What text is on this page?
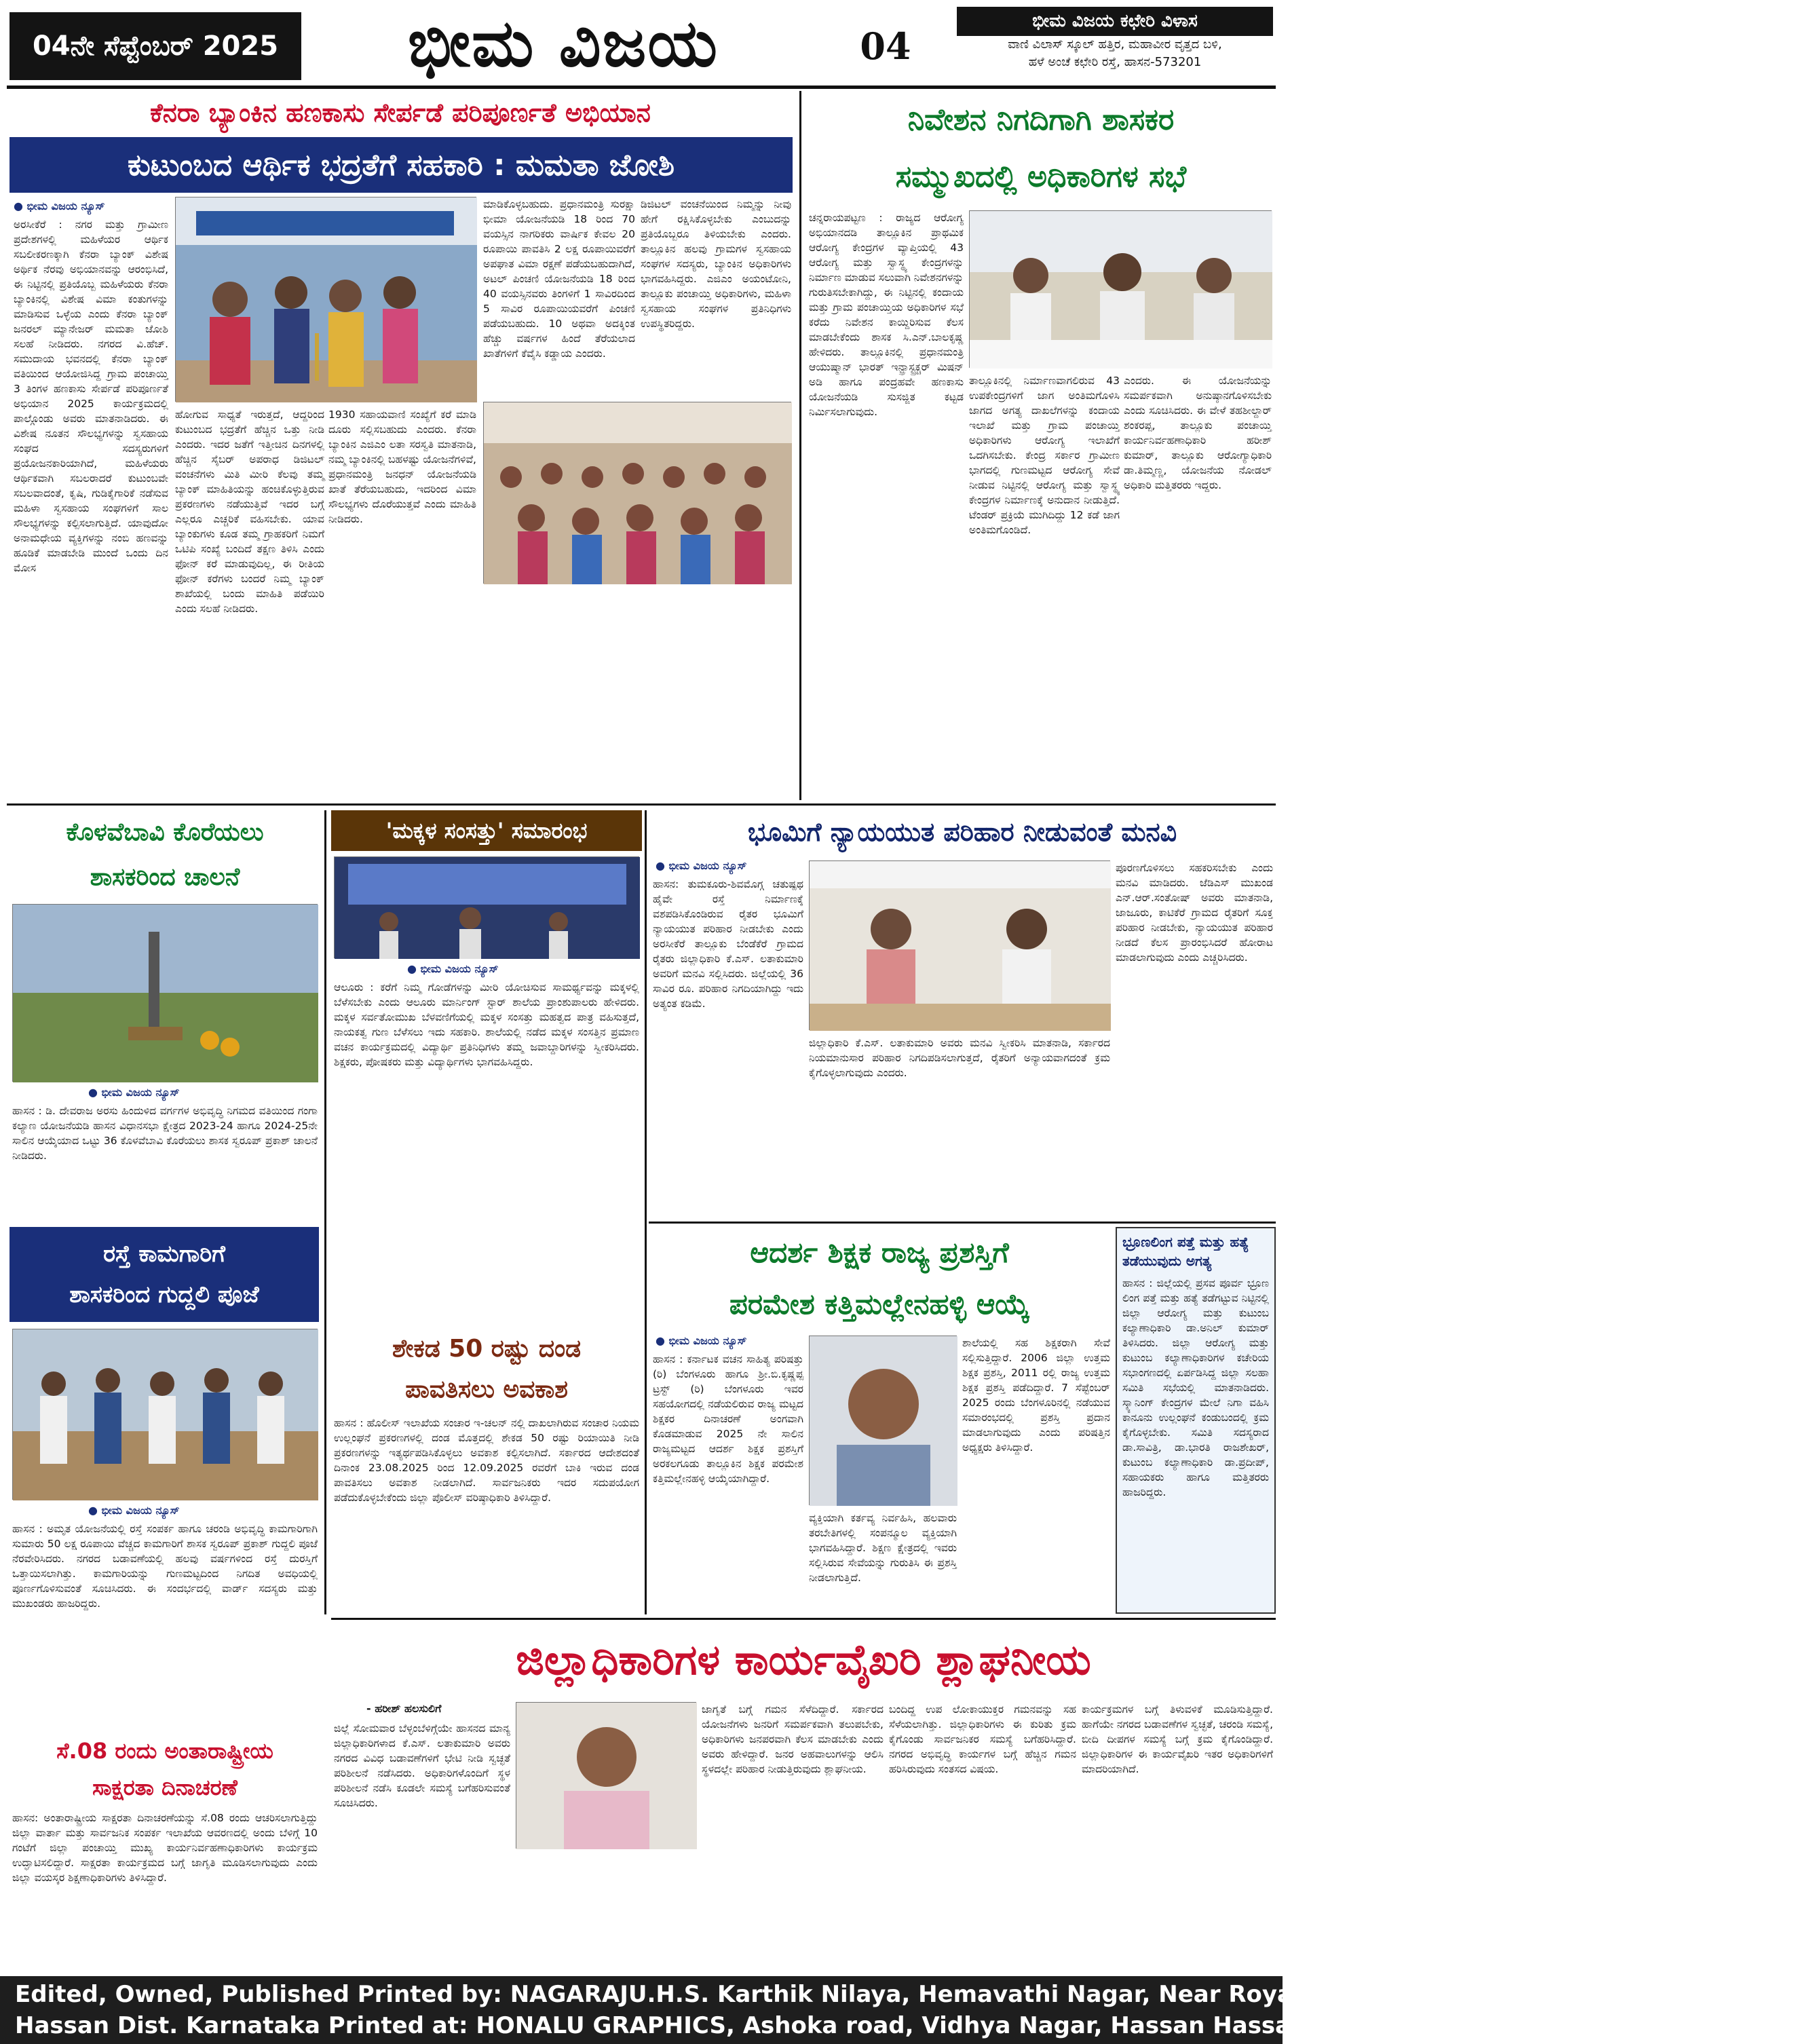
04ನೇ ಸೆಪ್ಟೆಂಬರ್ 2025	ಭೀಮ ವಿಜಯ	04
ಭೀಮ ವಿಜಯ ಕಛೇರಿ ವಿಳಾಸ
ವಾಣಿ ವಿಲಾಸ್ ಸ್ಕೂಲ್ ಹತ್ತಿರ, ಮಹಾವೀರ ವೃತ್ತದ ಬಳಿ,
ಹಳೆ ಅಂಚೆ ಕಛೇರಿ ರಸ್ತೆ, ಹಾಸನ-573201
ಕೆನರಾ ಬ್ಯಾಂಕಿನ ಹಣಕಾಸು ಸೇರ್ಪಡೆ ಪರಿಪೂರ್ಣತೆ ಅಭಿಯಾನ
ಕುಟುಂಬದ ಆರ್ಥಿಕ ಭದ್ರತೆಗೆ ಸಹಕಾರಿ : ಮಮತಾ ಜೋಶಿ
● ಭೀಮ ವಿಜಯ ನ್ಯೂಸ್
ಅರಸೀಕೆರೆ : ನಗರ ಮತ್ತು ಗ್ರಾಮೀಣ ಪ್ರದೇಶಗಳಲ್ಲಿ ಮಹಿಳೆಯರ ಆರ್ಥಿಕ ಸಬಲೀಕರಣಕ್ಕಾಗಿ ಕೆನರಾ ಬ್ಯಾಂಕ್ ವಿಶೇಷ ಅರ್ಥಿಕ ನೆರವು ಅಭಿಯಾನವನ್ನು ಆರಂಭಿಸಿದೆ, ಈ ನಿಟ್ಟಿನಲ್ಲಿ ಪ್ರತಿಯೊಬ್ಬ ಮಹಿಳೆಯರು ಕೆನರಾ ಬ್ಯಾಂಕಿನಲ್ಲಿ ವಿಶೇಷ ವಿಮಾ ಕಂತುಗಳನ್ನು ಮಾಡಿಸುವ ಒಳ್ಳೆಯ ಎಂದು ಕೆನರಾ ಬ್ಯಾಂಕ್ ಜನರಲ್ ಮ್ಯಾನೇಜರ್ ಮಮತಾ ಜೋಶಿ ಸಲಹೆ ನೀಡಿದರು. ನಗರದ ವಿ.ಹೆಚ್. ಸಮುದಾಯ ಭವನದಲ್ಲಿ ಕೆನರಾ ಬ್ಯಾಂಕ್ ವತಿಯಿಂದ ಆಯೋಜಿಸಿದ್ದ ಗ್ರಾಮ ಪಂಚಾಯ್ತಿ 3 ತಿಂಗಳ ಹಣಕಾಸು ಸೇರ್ಪಡೆ ಪರಿಪೂರ್ಣತೆ ಅಭಿಯಾನ 2025 ಕಾರ್ಯಕ್ರಮದಲ್ಲಿ ಪಾಲ್ಗೊಂಡು ಅವರು ಮಾತನಾಡಿದರು. ಈ ವಿಶೇಷ ನೂತನ ಸೌಲಭ್ಯಗಳನ್ನು ಸ್ವಸಹಾಯ ಸಂಘದ ಸದಸ್ಯರುಗಳಿಗೆ ಪ್ರಯೋಜನಕಾರಿಯಾಗಿದೆ, ಮಹಿಳೆಯರು ಆರ್ಥಿಕವಾಗಿ ಸಬಲರಾದರೆ ಕುಟುಂಬವೇ ಸಬಲವಾದಂತೆ, ಕೃಷಿ, ಗುಡಿಕೈಗಾರಿಕೆ ನಡೆಸುವ ಮಹಿಳಾ ಸ್ವಸಹಾಯ ಸಂಘಗಳಿಗೆ ಸಾಲ ಸೌಲಭ್ಯಗಳನ್ನು ಕಲ್ಪಿಸಲಾಗುತ್ತಿದೆ. ಯಾವುದೋ ಅನಾಮಧೇಯ ವ್ಯಕ್ತಿಗಳನ್ನು ನಂಬಿ ಹಣವನ್ನು ಹೂಡಿಕೆ ಮಾಡಬೇಡಿ ಮುಂದೆ ಒಂದು ದಿನ ಮೋಸ
ಹೋಗುವ ಸಾಧ್ಯತೆ ಇರುತ್ತದೆ, ಆದ್ದರಿಂದ ಕುಟುಂಬದ ಭದ್ರತೆಗೆ ಹೆಚ್ಚಿನ ಒತ್ತು ನೀಡಿ ಎಂದರು. ಇದರ ಜತೆಗೆ ಇತ್ತೀಚಿನ ದಿನಗಳಲ್ಲಿ ಹೆಚ್ಚಿನ ಸೈಬರ್ ಅಪರಾಧ ಡಿಜಿಟಲ್ ವಂಚನೆಗಳು ಮಿತಿ ಮೀರಿ ಕೆಲವು ತಮ್ಮ ಬ್ಯಾಂಕ್ ಮಾಹಿತಿಯನ್ನು ಹಂಚಿಕೊಳ್ಳುತ್ತಿರುವ ಪ್ರಕರಣಗಳು ನಡೆಯುತ್ತಿವೆ ಇದರ ಬಗ್ಗೆ ಎಲ್ಲರೂ ಎಚ್ಚರಿಕೆ ವಹಿಸಬೇಕು. ಯಾವ ಬ್ಯಾಂಕುಗಳು ಕೂಡ ತಮ್ಮ ಗ್ರಾಹಕರಿಗೆ ನಿಮಗೆ ಒಟಿಪಿ ಸಂಖ್ಯೆ ಬಂದಿದೆ ತಕ್ಷಣ ತಿಳಿಸಿ ಎಂದು ಫೋನ್ ಕರೆ ಮಾಡುವುದಿಲ್ಲ, ಈ ರೀತಿಯ ಫೋನ್ ಕರೆಗಳು ಬಂದರೆ ನಿಮ್ಮ ಬ್ಯಾಂಕ್ ಶಾಖೆಯಲ್ಲಿ ಬಂದು ಮಾಹಿತಿ ಪಡೆಯಿರಿ ಎಂದು ಸಲಹೆ ನೀಡಿದರು.
1930 ಸಹಾಯವಾಣಿ ಸಂಖ್ಯೆಗೆ ಕರೆ ಮಾಡಿ ದೂರು ಸಲ್ಲಿಸಬಹುದು ಎಂದರು. ಕೆನರಾ ಬ್ಯಾಂಕಿನ ಎಜಿಎಂ ಲತಾ ಸರಸ್ವತಿ ಮಾತನಾಡಿ, ನಮ್ಮ ಬ್ಯಾಂಕಿನಲ್ಲಿ ಬಹಳಷ್ಟು ಯೋಜನೆಗಳಿವೆ, ಪ್ರಧಾನಮಂತ್ರಿ ಜನಧನ್ ಯೋಜನೆಯಡಿ ಖಾತೆ ತೆರೆಯಬಹುದು, ಇದರಿಂದ ವಿಮಾ ಸೌಲಭ್ಯಗಳು ದೊರೆಯುತ್ತವೆ ಎಂದು ಮಾಹಿತಿ ನೀಡಿದರು.
ಮಾಡಿಕೊಳ್ಳಬಹುದು. ಪ್ರಧಾನಮಂತ್ರಿ ಸುರಕ್ಷಾ ಭೀಮಾ ಯೋಜನೆಯಡಿ 18 ರಿಂದ 70 ವಯಸ್ಸಿನ ನಾಗರಿಕರು ವಾರ್ಷಿಕ ಕೇವಲ 20 ರೂಪಾಯಿ ಪಾವತಿಸಿ 2 ಲಕ್ಷ ರೂಪಾಯಿವರೆಗೆ ಅಪಘಾತ ವಿಮಾ ರಕ್ಷಣೆ ಪಡೆಯಬಹುದಾಗಿದೆ, ಅಟಲ್ ಪಿಂಚಣಿ ಯೋಜನೆಯಡಿ 18 ರಿಂದ 40 ವಯಸ್ಸಿನವರು ತಿಂಗಳಿಗೆ 1 ಸಾವಿರದಿಂದ 5 ಸಾವಿರ ರೂಪಾಯಿಯವರೆಗೆ ಪಿಂಚಣಿ ಪಡೆಯಬಹುದು. 10 ಅಥವಾ ಅದಕ್ಕಿಂತ ಹೆಚ್ಚು ವರ್ಷಗಳ ಹಿಂದೆ ತೆರೆಯಲಾದ ಖಾತೆಗಳಿಗೆ ಕೆವೈಸಿ ಕಡ್ಡಾಯ ಎಂದರು.
ಡಿಜಿಟಲ್ ವಂಚನೆಯಿಂದ ನಿಮ್ಮನ್ನು ನೀವು ಹೇಗೆ ರಕ್ಷಿಸಿಕೊಳ್ಳಬೇಕು ಎಂಬುದನ್ನು ಪ್ರತಿಯೊಬ್ಬರೂ ತಿಳಿಯಬೇಕು ಎಂದರು. ತಾಲ್ಲೂಕಿನ ಹಲವು ಗ್ರಾಮಗಳ ಸ್ವಸಹಾಯ ಸಂಘಗಳ ಸದಸ್ಯರು, ಬ್ಯಾಂಕಿನ ಅಧಿಕಾರಿಗಳು ಭಾಗವಹಿಸಿದ್ದರು. ಎಜಿಎಂ ಅಯಂಟೋನಿ, ತಾಲ್ಲೂಕು ಪಂಚಾಯ್ತಿ ಅಧಿಕಾರಿಗಳು, ಮಹಿಳಾ ಸ್ವಸಹಾಯ ಸಂಘಗಳ ಪ್ರತಿನಿಧಿಗಳು ಉಪಸ್ಥಿತರಿದ್ದರು.
ನಿವೇಶನ ನಿಗದಿಗಾಗಿ ಶಾಸಕರ
ಸಮ್ಮುಖದಲ್ಲಿ ಅಧಿಕಾರಿಗಳ ಸಭೆ
ಚನ್ನರಾಯಪಟ್ಟಣ : ರಾಜ್ಯದ ಆರೋಗ್ಯ ಅಭಿಯಾನದಡಿ ತಾಲ್ಲೂಕಿನ ಪ್ರಾಥಮಿಕ ಆರೋಗ್ಯ ಕೇಂದ್ರಗಳ ವ್ಯಾಪ್ತಿಯಲ್ಲಿ 43 ಆರೋಗ್ಯ ಮತ್ತು ಸ್ವಾಸ್ಥ್ಯ ಕೇಂದ್ರಗಳನ್ನು ನಿರ್ಮಾಣ ಮಾಡುವ ಸಲುವಾಗಿ ನಿವೇಶನಗಳನ್ನು ಗುರುತಿಸಬೇಕಾಗಿದ್ದು, ಈ ನಿಟ್ಟಿನಲ್ಲಿ ಕಂದಾಯ ಮತ್ತು ಗ್ರಾಮ ಪಂಚಾಯ್ತಿಯ ಅಧಿಕಾರಿಗಳ ಸಭೆ ಕರೆದು ನಿವೇಶನ ಕಾಯ್ದಿರಿಸುವ ಕೆಲಸ ಮಾಡಬೇಕೆಂದು ಶಾಸಕ ಸಿ.ಎನ್.ಬಾಲಕೃಷ್ಣ ಹೇಳಿದರು. ತಾಲ್ಲೂಕಿನಲ್ಲಿ ಪ್ರಧಾನಮಂತ್ರಿ ಆಯುಷ್ಮಾನ್ ಭಾರತ್ ಇನ್ಫ್ರಾಸ್ಟ್ರಕ್ಚರ್ ಮಿಷನ್ ಅಡಿ ಹಾಗೂ ಪಂದ್ರಹವೇ ಹಣಕಾಸು ಯೋಜನೆಯಡಿ ಸುಸಜ್ಜಿತ ಕಟ್ಟಡ ನಿರ್ಮಿಸಲಾಗುವುದು.
ತಾಲ್ಲೂಕಿನಲ್ಲಿ ನಿರ್ಮಾಣವಾಗಲಿರುವ 43 ಉಪಕೇಂದ್ರಗಳಿಗೆ ಜಾಗ ಅಂತಿಮಗೊಳಿಸಿ ಜಾಗದ ಅಗತ್ಯ ದಾಖಲೆಗಳನ್ನು ಕಂದಾಯ ಇಲಾಖೆ ಮತ್ತು ಗ್ರಾಮ ಪಂಚಾಯ್ತಿ ಅಧಿಕಾರಿಗಳು ಆರೋಗ್ಯ ಇಲಾಖೆಗೆ ಒದಗಿಸಬೇಕು. ಕೇಂದ್ರ ಸರ್ಕಾರ ಗ್ರಾಮೀಣ ಭಾಗದಲ್ಲಿ ಗುಣಮಟ್ಟದ ಆರೋಗ್ಯ ಸೇವೆ ನೀಡುವ ನಿಟ್ಟಿನಲ್ಲಿ ಆರೋಗ್ಯ ಮತ್ತು ಸ್ವಾಸ್ಥ್ಯ ಕೇಂದ್ರಗಳ ನಿರ್ಮಾಣಕ್ಕೆ ಅನುದಾನ ನೀಡುತ್ತಿದೆ. ಟೆಂಡರ್ ಪ್ರಕ್ರಿಯೆ ಮುಗಿದಿದ್ದು 12 ಕಡೆ ಜಾಗ ಅಂತಿಮಗೊಂಡಿದೆ.
ಎಂದರು. ಈ ಯೋಜನೆಯನ್ನು ಸಮರ್ಪಕವಾಗಿ ಅನುಷ್ಠಾನಗೊಳಿಸಬೇಕು ಎಂದು ಸೂಚಿಸಿದರು. ಈ ವೇಳೆ ತಹಶೀಲ್ದಾರ್ ಶಂಕರಪ್ಪ, ತಾಲ್ಲೂಕು ಪಂಚಾಯ್ತಿ ಕಾರ್ಯನಿರ್ವಹಣಾಧಿಕಾರಿ ಹರೀಶ್ ಕುಮಾರ್, ತಾಲ್ಲೂಕು ಆರೋಗ್ಯಾಧಿಕಾರಿ ಡಾ.ತಿಮ್ಮಣ್ಣ, ಯೋಜನೆಯ ನೋಡಲ್ ಅಧಿಕಾರಿ ಮತ್ತಿತರರು ಇದ್ದರು.
ಕೊಳವೆಬಾವಿ ಕೊರೆಯಲು
ಶಾಸಕರಿಂದ ಚಾಲನೆ
● ಭೀಮ ವಿಜಯ ನ್ಯೂಸ್
ಹಾಸನ : ಡಿ. ದೇವರಾಜ ಅರಸು ಹಿಂದುಳಿದ ವರ್ಗಗಳ ಅಭಿವೃದ್ಧಿ ನಿಗಮದ ವತಿಯಿಂದ ಗಂಗಾ ಕಲ್ಯಾಣ ಯೋಜನೆಯಡಿ ಹಾಸನ ವಿಧಾನಸಭಾ ಕ್ಷೇತ್ರದ 2023-24 ಹಾಗೂ 2024-25ನೇ ಸಾಲಿನ ಆಯ್ಕೆಯಾದ ಒಟ್ಟು 36 ಕೊಳವೆಬಾವಿ ಕೊರೆಯಲು ಶಾಸಕ ಸ್ವರೂಪ್ ಪ್ರಕಾಶ್ ಚಾಲನೆ ನೀಡಿದರು.
ರಸ್ತೆ ಕಾಮಗಾರಿಗೆ
ಶಾಸಕರಿಂದ ಗುದ್ದಲಿ ಪೂಜೆ
● ಭೀಮ ವಿಜಯ ನ್ಯೂಸ್
ಹಾಸನ : ಅಮೃತ ಯೋಜನೆಯಲ್ಲಿ ರಸ್ತೆ ಸಂಪರ್ಕ ಹಾಗೂ ಚರಂಡಿ ಅಭಿವೃದ್ಧಿ ಕಾಮಗಾರಿಗಾಗಿ ಸುಮಾರು 50 ಲಕ್ಷ ರೂಪಾಯಿ ವೆಚ್ಚದ ಕಾಮಗಾರಿಗೆ ಶಾಸಕ ಸ್ವರೂಪ್ ಪ್ರಕಾಶ್ ಗುದ್ದಲಿ ಪೂಜೆ ನೆರವೇರಿಸಿದರು. ನಗರದ ಬಡಾವಣೆಯಲ್ಲಿ ಹಲವು ವರ್ಷಗಳಿಂದ ರಸ್ತೆ ದುರಸ್ತಿಗೆ ಒತ್ತಾಯಿಸಲಾಗಿತ್ತು. ಕಾಮಗಾರಿಯನ್ನು ಗುಣಮಟ್ಟದಿಂದ ನಿಗದಿತ ಅವಧಿಯಲ್ಲಿ ಪೂರ್ಣಗೊಳಿಸುವಂತೆ ಸೂಚಿಸಿದರು. ಈ ಸಂದರ್ಭದಲ್ಲಿ ವಾರ್ಡ್ ಸದಸ್ಯರು ಮತ್ತು ಮುಖಂಡರು ಹಾಜರಿದ್ದರು.
'ಮಕ್ಕಳ ಸಂಸತ್ತು' ಸಮಾರಂಭ
● ಭೀಮ ವಿಜಯ ನ್ಯೂಸ್
ಆಲೂರು : ಕರೆಗೆ ನಿಮ್ಮ ಗೋಡೆಗಳನ್ನು ಮೀರಿ ಯೋಚಿಸುವ ಸಾಮರ್ಥ್ಯವನ್ನು ಮಕ್ಕಳಲ್ಲಿ ಬೆಳೆಸಬೇಕು ಎಂದು ಆಲೂರು ಮಾರ್ನಿಂಗ್ ಸ್ಟಾರ್ ಶಾಲೆಯ ಪ್ರಾಂಶುಪಾಲರು ಹೇಳಿದರು. ಮಕ್ಕಳ ಸರ್ವತೋಮುಖ ಬೆಳವಣಿಗೆಯಲ್ಲಿ ಮಕ್ಕಳ ಸಂಸತ್ತು ಮಹತ್ವದ ಪಾತ್ರ ವಹಿಸುತ್ತದೆ, ನಾಯಕತ್ವ ಗುಣ ಬೆಳೆಸಲು ಇದು ಸಹಕಾರಿ. ಶಾಲೆಯಲ್ಲಿ ನಡೆದ ಮಕ್ಕಳ ಸಂಸತ್ತಿನ ಪ್ರಮಾಣ ವಚನ ಕಾರ್ಯಕ್ರಮದಲ್ಲಿ ವಿದ್ಯಾರ್ಥಿ ಪ್ರತಿನಿಧಿಗಳು ತಮ್ಮ ಜವಾಬ್ದಾರಿಗಳನ್ನು ಸ್ವೀಕರಿಸಿದರು. ಶಿಕ್ಷಕರು, ಪೋಷಕರು ಮತ್ತು ವಿದ್ಯಾರ್ಥಿಗಳು ಭಾಗವಹಿಸಿದ್ದರು.
ಶೇಕಡ 50 ರಷ್ಟು ದಂಡ
ಪಾವತಿಸಲು ಅವಕಾಶ
ಹಾಸನ : ಹೊಲೀಸ್ ಇಲಾಖೆಯ ಸಂಚಾರ ಇ-ಚಲನ್ ನಲ್ಲಿ ದಾಖಲಾಗಿರುವ ಸಂಚಾರ ನಿಯಮ ಉಲ್ಲಂಘನೆ ಪ್ರಕರಣಗಳಲ್ಲಿ ದಂಡ ಮೊತ್ತದಲ್ಲಿ ಶೇಕಡ 50 ರಷ್ಟು ರಿಯಾಯಿತಿ ನೀಡಿ ಪ್ರಕರಣಗಳನ್ನು ಇತ್ಯರ್ಥಪಡಿಸಿಕೊಳ್ಳಲು ಅವಕಾಶ ಕಲ್ಪಿಸಲಾಗಿದೆ. ಸರ್ಕಾರದ ಆದೇಶದಂತೆ ದಿನಾಂಕ 23.08.2025 ರಿಂದ 12.09.2025 ರವರೆಗೆ ಬಾಕಿ ಇರುವ ದಂಡ ಪಾವತಿಸಲು ಅವಕಾಶ ನೀಡಲಾಗಿದೆ. ಸಾರ್ವಜನಿಕರು ಇದರ ಸದುಪಯೋಗ ಪಡೆದುಕೊಳ್ಳಬೇಕೆಂದು ಜಿಲ್ಲಾ ಪೊಲೀಸ್ ವರಿಷ್ಠಾಧಿಕಾರಿ ತಿಳಿಸಿದ್ದಾರೆ.
ಭೂಮಿಗೆ ನ್ಯಾಯಯುತ ಪರಿಹಾರ ನೀಡುವಂತೆ ಮನವಿ
● ಭೀಮ ವಿಜಯ ನ್ಯೂಸ್
ಹಾಸನ: ತುಮಕೂರು-ಶಿವಮೊಗ್ಗ ಚತುಷ್ಪಥ ಹೈವೇ ರಸ್ತೆ ನಿರ್ಮಾಣಕ್ಕೆ ವಶಪಡಿಸಿಕೊಂಡಿರುವ ರೈತರ ಭೂಮಿಗೆ ನ್ಯಾಯಯುತ ಪರಿಹಾರ ನೀಡಬೇಕು ಎಂದು ಅರಸೀಕೆರೆ ತಾಲ್ಲೂಕು ಬೆಂಡೆಕೆರೆ ಗ್ರಾಮದ ರೈತರು ಜಿಲ್ಲಾಧಿಕಾರಿ ಕೆ.ಎಸ್. ಲತಾಕುಮಾರಿ ಅವರಿಗೆ ಮನವಿ ಸಲ್ಲಿಸಿದರು. ಜಿಲ್ಲೆಯಲ್ಲಿ 36 ಸಾವಿರ ರೂ. ಪರಿಹಾರ ನಿಗದಿಯಾಗಿದ್ದು ಇದು ಅತ್ಯಂತ ಕಡಿಮೆ.
ಜಿಲ್ಲಾಧಿಕಾರಿ ಕೆ.ಎಸ್. ಲತಾಕುಮಾರಿ ಅವರು ಮನವಿ ಸ್ವೀಕರಿಸಿ ಮಾತನಾಡಿ, ಸರ್ಕಾರದ ನಿಯಮಾನುಸಾರ ಪರಿಹಾರ ನಿಗದಿಪಡಿಸಲಾಗುತ್ತದೆ, ರೈತರಿಗೆ ಅನ್ಯಾಯವಾಗದಂತೆ ಕ್ರಮ ಕೈಗೊಳ್ಳಲಾಗುವುದು ಎಂದರು.
ಪೂರಣಗೊಳಿಸಲು ಸಹಕರಿಸಬೇಕು ಎಂದು ಮನವಿ ಮಾಡಿದರು. ಜೆಡಿಎಸ್ ಮುಖಂಡ ಎನ್.ಆರ್.ಸಂತೋಷ್ ಅವರು ಮಾತನಾಡಿ, ಜಾಜೂರು, ಕಾಟಿಕೆರೆ ಗ್ರಾಮದ ರೈತರಿಗೆ ಸೂಕ್ತ ಪರಿಹಾರ ನೀಡಬೇಕು, ನ್ಯಾಯಯುತ ಪರಿಹಾರ ನೀಡದೆ ಕೆಲಸ ಪ್ರಾರಂಭಿಸಿದರೆ ಹೋರಾಟ ಮಾಡಲಾಗುವುದು ಎಂದು ಎಚ್ಚರಿಸಿದರು.
ಆದರ್ಶ ಶಿಕ್ಷಕ ರಾಜ್ಯ ಪ್ರಶಸ್ತಿಗೆ
ಪರಮೇಶ ಕತ್ತಿಮಲ್ಲೇನಹಳ್ಳಿ ಆಯ್ಕೆ
● ಭೀಮ ವಿಜಯ ನ್ಯೂಸ್
ಹಾಸನ : ಕರ್ನಾಟಕ ವಚನ ಸಾಹಿತ್ಯ ಪರಿಷತ್ತು (ರಿ) ಬೆಂಗಳೂರು ಹಾಗೂ ಶ್ರೀ.ಬಿ.ಕೃಷ್ಣಪ್ಪ ಟ್ರಸ್ಟ್ (ರಿ) ಬೆಂಗಳೂರು ಇವರ ಸಹಯೋಗದಲ್ಲಿ ನಡೆಯಲಿರುವ ರಾಜ್ಯ ಮಟ್ಟದ ಶಿಕ್ಷಕರ ದಿನಾಚರಣೆ ಅಂಗವಾಗಿ ಕೊಡಮಾಡುವ 2025 ನೇ ಸಾಲಿನ ರಾಜ್ಯಮಟ್ಟದ ಆದರ್ಶ ಶಿಕ್ಷಕ ಪ್ರಶಸ್ತಿಗೆ ಅರಕಲಗೂಡು ತಾಲ್ಲೂಕಿನ ಶಿಕ್ಷಕ ಪರಮೇಶ ಕತ್ತಿಮಲ್ಲೇನಹಳ್ಳಿ ಆಯ್ಕೆಯಾಗಿದ್ದಾರೆ.
ವ್ಯಕ್ತಿಯಾಗಿ ಕರ್ತವ್ಯ ನಿರ್ವಹಿಸಿ, ಹಲವಾರು ತರಬೇತಿಗಳಲ್ಲಿ ಸಂಪನ್ಮೂಲ ವ್ಯಕ್ತಿಯಾಗಿ ಭಾಗವಹಿಸಿದ್ದಾರೆ. ಶಿಕ್ಷಣ ಕ್ಷೇತ್ರದಲ್ಲಿ ಇವರು ಸಲ್ಲಿಸಿರುವ ಸೇವೆಯನ್ನು ಗುರುತಿಸಿ ಈ ಪ್ರಶಸ್ತಿ ನೀಡಲಾಗುತ್ತಿದೆ.
ಶಾಲೆಯಲ್ಲಿ ಸಹ ಶಿಕ್ಷಕರಾಗಿ ಸೇವೆ ಸಲ್ಲಿಸುತ್ತಿದ್ದಾರೆ. 2006 ಜಿಲ್ಲಾ ಉತ್ತಮ ಶಿಕ್ಷಕ ಪ್ರಶಸ್ತಿ, 2011 ರಲ್ಲಿ ರಾಜ್ಯ ಉತ್ತಮ ಶಿಕ್ಷಕ ಪ್ರಶಸ್ತಿ ಪಡೆದಿದ್ದಾರೆ. 7 ಸೆಪ್ಟೆಂಬರ್ 2025 ರಂದು ಬೆಂಗಳೂರಿನಲ್ಲಿ ನಡೆಯುವ ಸಮಾರಂಭದಲ್ಲಿ ಪ್ರಶಸ್ತಿ ಪ್ರದಾನ ಮಾಡಲಾಗುವುದು ಎಂದು ಪರಿಷತ್ತಿನ ಅಧ್ಯಕ್ಷರು ತಿಳಿಸಿದ್ದಾರೆ.
ಭ್ರೂಣಲಿಂಗ ಪತ್ತೆ ಮತ್ತು ಹತ್ಯೆ ತಡೆಯುವುದು ಅಗತ್ಯ
ಹಾಸನ : ಜಿಲ್ಲೆಯಲ್ಲಿ ಪ್ರಸವ ಪೂರ್ವ ಭ್ರೂಣ ಲಿಂಗ ಪತ್ತೆ ಮತ್ತು ಹತ್ಯೆ ತಡೆಗಟ್ಟುವ ನಿಟ್ಟಿನಲ್ಲಿ ಜಿಲ್ಲಾ ಆರೋಗ್ಯ ಮತ್ತು ಕುಟುಂಬ ಕಲ್ಯಾಣಾಧಿಕಾರಿ ಡಾ.ಅನಿಲ್ ಕುಮಾರ್ ತಿಳಿಸಿದರು. ಜಿಲ್ಲಾ ಆರೋಗ್ಯ ಮತ್ತು ಕುಟುಂಬ ಕಲ್ಯಾಣಾಧಿಕಾರಿಗಳ ಕಚೇರಿಯ ಸಭಾಂಗಣದಲ್ಲಿ ಏರ್ಪಡಿಸಿದ್ದ ಜಿಲ್ಲಾ ಸಲಹಾ ಸಮಿತಿ ಸಭೆಯಲ್ಲಿ ಮಾತನಾಡಿದರು. ಸ್ಕ್ಯಾನಿಂಗ್ ಕೇಂದ್ರಗಳ ಮೇಲೆ ನಿಗಾ ವಹಿಸಿ ಕಾನೂನು ಉಲ್ಲಂಘನೆ ಕಂಡುಬಂದಲ್ಲಿ ಕ್ರಮ ಕೈಗೊಳ್ಳಬೇಕು. ಸಮಿತಿ ಸದಸ್ಯರಾದ ಡಾ.ಸಾವಿತ್ರಿ, ಡಾ.ಭಾರತಿ ರಾಜಶೇಖರ್, ಕುಟುಂಬ ಕಲ್ಯಾಣಾಧಿಕಾರಿ ಡಾ.ಪ್ರದೀಪ್, ಸಹಾಯಕರು ಹಾಗೂ ಮತ್ತಿತರರು ಹಾಜರಿದ್ದರು.
ಜಿಲ್ಲಾಧಿಕಾರಿಗಳ ಕಾರ್ಯವೈಖರಿ ಶ್ಲಾಘನೀಯ
- ಹರೀಶ್ ಹಲಸುಲಿಗೆ
ಜಿಲ್ಲೆ ಸೋಮವಾರ ಬೆಳ್ಳಂಬೆಳಿಗ್ಗೆಯೇ ಹಾಸನದ ಮಾನ್ಯ ಜಿಲ್ಲಾಧಿಕಾರಿಗಳಾದ ಕೆ.ಎಸ್. ಲತಾಕುಮಾರಿ ಅವರು ನಗರದ ವಿವಿಧ ಬಡಾವಣೆಗಳಿಗೆ ಭೇಟಿ ನೀಡಿ ಸ್ವಚ್ಛತೆ ಪರಿಶೀಲನೆ ನಡೆಸಿದರು. ಅಧಿಕಾರಿಗಳೊಂದಿಗೆ ಸ್ಥಳ ಪರಿಶೀಲನೆ ನಡೆಸಿ ಕೂಡಲೇ ಸಮಸ್ಯೆ ಬಗೆಹರಿಸುವಂತೆ ಸೂಚಿಸಿದರು.
ಜಾಗೃತೆ ಬಗ್ಗೆ ಗಮನ ಸೆಳೆದಿದ್ದಾರೆ. ಸರ್ಕಾರದ ಯೋಜನೆಗಳು ಜನರಿಗೆ ಸಮರ್ಪಕವಾಗಿ ತಲುಪಬೇಕು, ಅಧಿಕಾರಿಗಳು ಜನಪರವಾಗಿ ಕೆಲಸ ಮಾಡಬೇಕು ಎಂದು ಅವರು ಹೇಳಿದ್ದಾರೆ. ಜನರ ಅಹವಾಲುಗಳನ್ನು ಆಲಿಸಿ ಸ್ಥಳದಲ್ಲೇ ಪರಿಹಾರ ನೀಡುತ್ತಿರುವುದು ಶ್ಲಾಘನೀಯ.
ಬಂದಿದ್ದ ಉಪ ಲೋಕಾಯುಕ್ತರ ಗಮನವನ್ನು ಸಹ ಸೆಳೆಯಲಾಗಿತ್ತು. ಜಿಲ್ಲಾಧಿಕಾರಿಗಳು ಈ ಕುರಿತು ಕ್ರಮ ಕೈಗೊಂಡು ಸಾರ್ವಜನಿಕರ ಸಮಸ್ಯೆ ಬಗೆಹರಿಸಿದ್ದಾರೆ. ನಗರದ ಅಭಿವೃದ್ಧಿ ಕಾರ್ಯಗಳ ಬಗ್ಗೆ ಹೆಚ್ಚಿನ ಗಮನ ಹರಿಸಿರುವುದು ಸಂತಸದ ವಿಷಯ.
ಕಾರ್ಯಕ್ರಮಗಳ ಬಗ್ಗೆ ತಿಳುವಳಿಕೆ ಮೂಡಿಸುತ್ತಿದ್ದಾರೆ. ಹಾಗೆಯೇ ನಗರದ ಬಡಾವಣೆಗಳ ಸ್ವಚ್ಛತೆ, ಚರಂಡಿ ಸಮಸ್ಯೆ, ಬೀದಿ ದೀಪಗಳ ಸಮಸ್ಯೆ ಬಗ್ಗೆ ಕ್ರಮ ಕೈಗೊಂಡಿದ್ದಾರೆ. ಜಿಲ್ಲಾಧಿಕಾರಿಗಳ ಈ ಕಾರ್ಯವೈಖರಿ ಇತರ ಅಧಿಕಾರಿಗಳಿಗೆ ಮಾದರಿಯಾಗಿದೆ.
ಸೆ.08 ರಂದು ಅಂತಾರಾಷ್ಟ್ರೀಯ
ಸಾಕ್ಷರತಾ ದಿನಾಚರಣೆ
ಹಾಸನ: ಅಂತಾರಾಷ್ಟ್ರೀಯ ಸಾಕ್ಷರತಾ ದಿನಾಚರಣೆಯನ್ನು ಸೆ.08 ರಂದು ಆಚರಿಸಲಾಗುತ್ತಿದ್ದು ಜಿಲ್ಲಾ ವಾರ್ತಾ ಮತ್ತು ಸಾರ್ವಜನಿಕ ಸಂಪರ್ಕ ಇಲಾಖೆಯ ಆವರಣದಲ್ಲಿ ಅಂದು ಬೆಳಿಗ್ಗೆ 10 ಗಂಟೆಗೆ ಜಿಲ್ಲಾ ಪಂಚಾಯ್ತಿ ಮುಖ್ಯ ಕಾರ್ಯನಿರ್ವಹಣಾಧಿಕಾರಿಗಳು ಕಾರ್ಯಕ್ರಮ ಉದ್ಘಾಟಿಸಲಿದ್ದಾರೆ. ಸಾಕ್ಷರತಾ ಕಾರ್ಯಕ್ರಮದ ಬಗ್ಗೆ ಜಾಗೃತಿ ಮೂಡಿಸಲಾಗುವುದು ಎಂದು ಜಿಲ್ಲಾ ವಯಸ್ಕರ ಶಿಕ್ಷಣಾಧಿಕಾರಿಗಳು ತಿಳಿಸಿದ್ದಾರೆ.
Edited, Owned, Published Printed by: NAGARAJU.H.S. Karthik Nilaya, Hemavathi Nagar, Near Royal Appolo, 3rd Main, 12th Ward, Hassan,
Hassan Dist. Karnataka Printed at: HONALU GRAPHICS, Ashoka road, Vidhya Nagar, Hassan Hassan Dist. Karnataka State.
